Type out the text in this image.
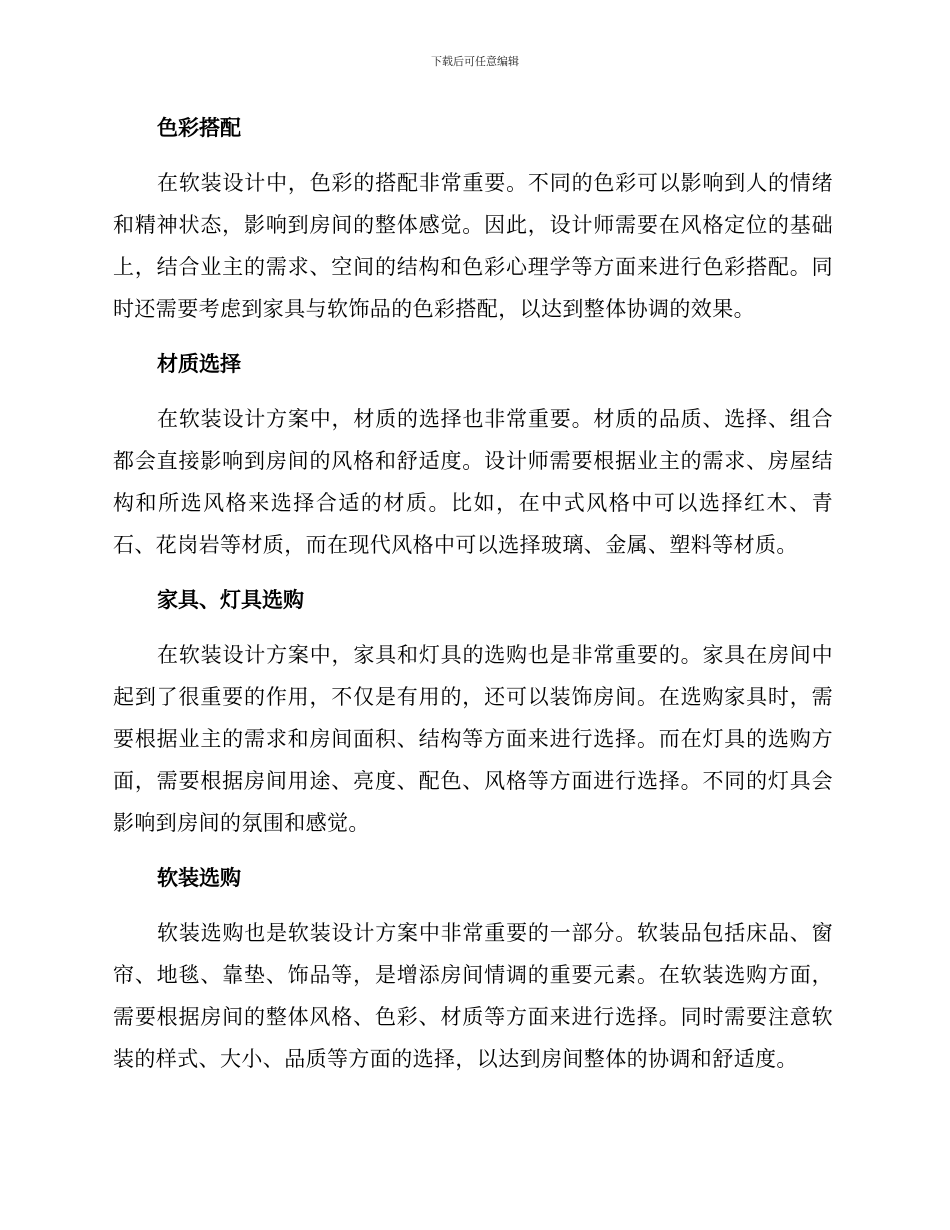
下载后可任意编辑
色彩搭配

在软装设计中，色彩的搭配非常重要。不同的色彩可以影响到人的情绪和精神状态，影响到房间的整体感觉。因此，设计师需要在风格定位的基础上，结合业主的需求、空间的结构和色彩心理学等方面来进行色彩搭配。同时还需要考虑到家具与软饰品的色彩搭配，以达到整体协调的效果。

材质选择

在软装设计方案中，材质的选择也非常重要。材质的品质、选择、组合都会直接影响到房间的风格和舒适度。设计师需要根据业主的需求、房屋结构和所选风格来选择合适的材质。比如，在中式风格中可以选择红木、青石、花岗岩等材质，而在现代风格中可以选择玻璃、金属、塑料等材质。

家具、灯具选购

在软装设计方案中，家具和灯具的选购也是非常重要的。家具在房间中起到了很重要的作用，不仅是有用的，还可以装饰房间。在选购家具时，需要根据业主的需求和房间面积、结构等方面来进行选择。而在灯具的选购方面，需要根据房间用途、亮度、配色、风格等方面进行选择。不同的灯具会影响到房间的氛围和感觉。

软装选购

软装选购也是软装设计方案中非常重要的一部分。软装品包括床品、窗帘、地毯、靠垫、饰品等，是增添房间情调的重要元素。在软装选购方面，需要根据房间的整体风格、色彩、材质等方面来进行选择。同时需要注意软装的样式、大小、品质等方面的选择，以达到房间整体的协调和舒适度。
